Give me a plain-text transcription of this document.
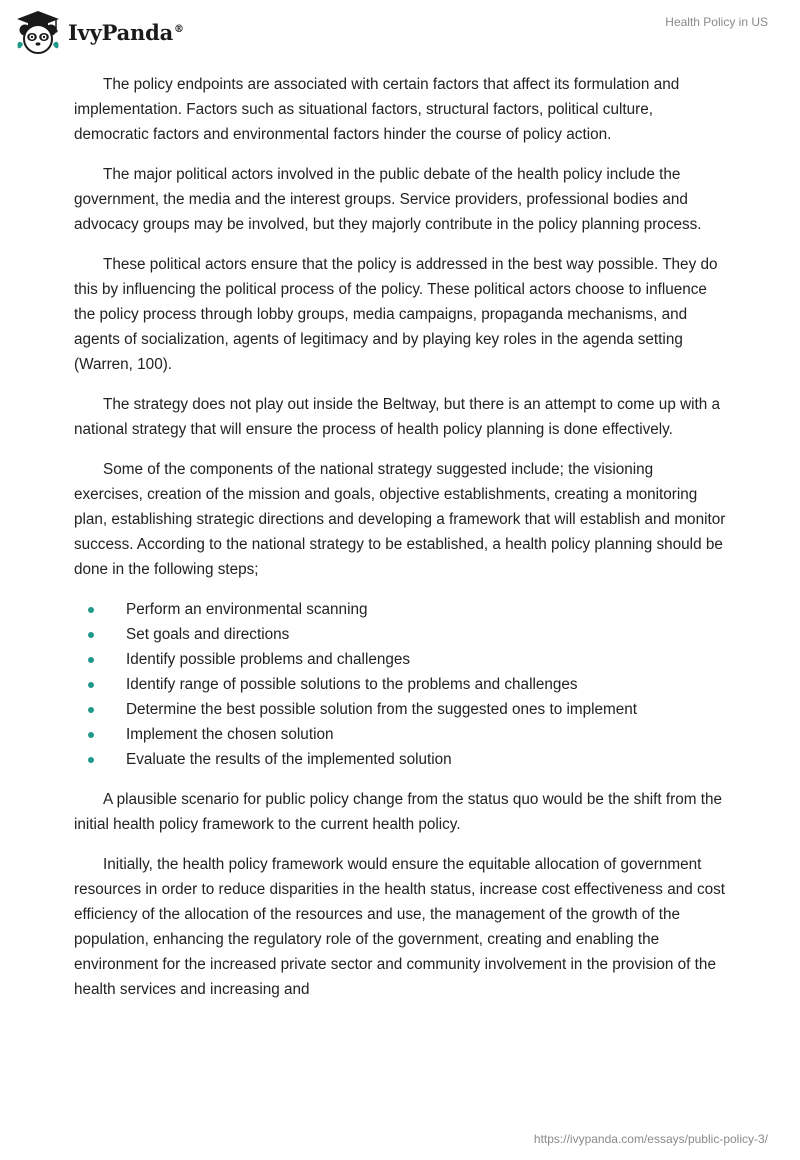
IvyPanda®	Health Policy in US

The policy endpoints are associated with certain factors that affect its formulation and implementation. Factors such as situational factors, structural factors, political culture, democratic factors and environmental factors hinder the course of policy action.

The major political actors involved in the public debate of the health policy include the government, the media and the interest groups. Service providers, professional bodies and advocacy groups may be involved, but they majorly contribute in the policy planning process.

These political actors ensure that the policy is addressed in the best way possible. They do this by influencing the political process of the policy. These political actors choose to influence the policy process through lobby groups, media campaigns, propaganda mechanisms, and agents of socialization, agents of legitimacy and by playing key roles in the agenda setting (Warren, 100).

The strategy does not play out inside the Beltway, but there is an attempt to come up with a national strategy that will ensure the process of health policy planning is done effectively.

Some of the components of the national strategy suggested include; the visioning exercises, creation of the mission and goals, objective establishments, creating a monitoring plan, establishing strategic directions and developing a framework that will establish and monitor success. According to the national strategy to be established, a health policy planning should be done in the following steps;

Perform an environmental scanning
Set goals and directions
Identify possible problems and challenges
Identify range of possible solutions to the problems and challenges
Determine the best possible solution from the suggested ones to implement
Implement the chosen solution
Evaluate the results of the implemented solution

A plausible scenario for public policy change from the status quo would be the shift from the initial health policy framework to the current health policy.

Initially, the health policy framework would ensure the equitable allocation of government resources in order to reduce disparities in the health status, increase cost effectiveness and cost efficiency of the allocation of the resources and use, the management of the growth of the population, enhancing the regulatory role of the government, creating and enabling the environment for the increased private sector and community involvement in the provision of the health services and increasing and

https://ivypanda.com/essays/public-policy-3/
